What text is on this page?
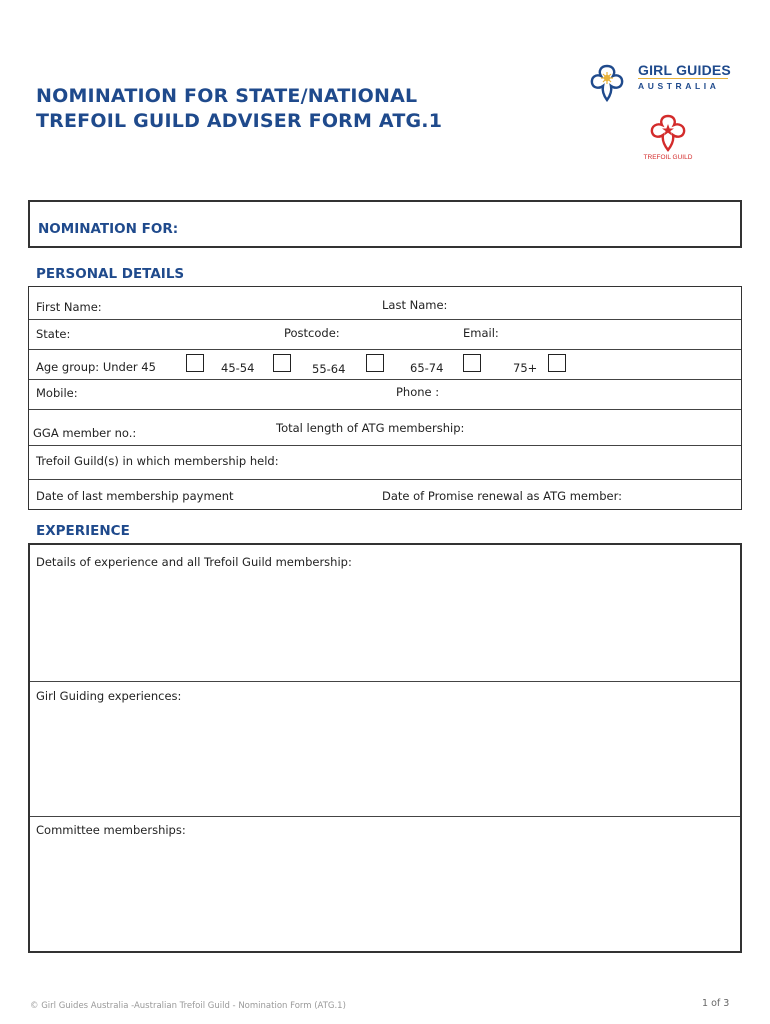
NOMINATION FOR STATE/NATIONAL
TREFOIL GUILD ADVISER FORM ATG.1
GIRL GUIDES
AUSTRALIA
TREFOIL GUILD
NOMINATION FOR:
PERSONAL DETAILS
First Name:	Last Name:
State:	Postcode:	Email:
Age group: Under 45	45-54	55-64	65-74	75+
Mobile:	Phone :
GGA member no.:	Total length of ATG membership:
Trefoil Guild(s) in which membership held:
Date of last membership payment	Date of Promise renewal as ATG member:
EXPERIENCE
Details of experience and all Trefoil Guild membership:
Girl Guiding experiences:
Committee memberships:
© Girl Guides Australia -Australian Trefoil Guild - Nomination Form (ATG.1)	1 of 3
